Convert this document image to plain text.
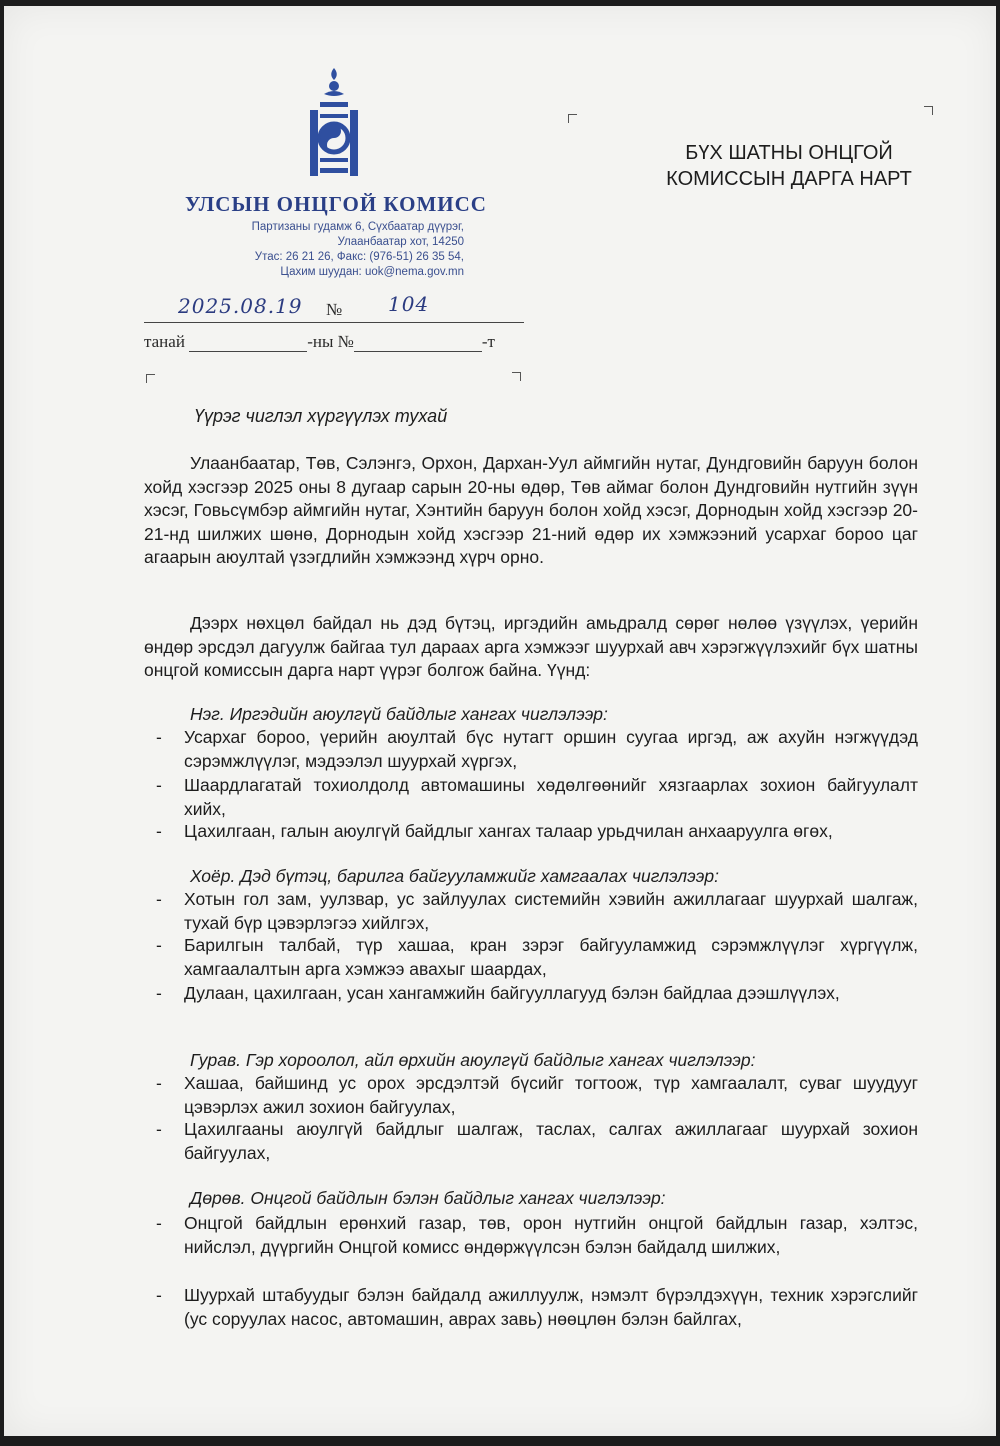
УЛСЫН ОНЦГОЙ КОМИСС
Партизаны гудамж 6, Сүхбаатар дүүрэг,
Улаанбаатар хот, 14250
Утас: 26 21 26, Факс: (976-51) 26 35 54,
Цахим шуудан: uok@nema.gov.mn
БҮХ ШАТНЫ ОНЦГОЙ
КОМИССЫН ДАРГА НАРТ
2025.08.19 № 104
танай	-ны №	-т
Үүрэг чиглэл хүргүүлэх тухай
Улаанбаатар, Төв, Сэлэнгэ, Орхон, Дархан-Уул аймгийн нутаг, Дундговийн баруун болон хойд хэсгээр 2025 оны 8 дугаар сарын 20-ны өдөр, Төв аймаг болон Дундговийн нутгийн зүүн хэсэг, Говьсүмбэр аймгийн нутаг, Хэнтийн баруун болон хойд хэсэг, Дорнодын хойд хэсгээр 20-21-нд шилжих шөнө, Дорнодын хойд хэсгээр 21-ний өдөр их хэмжээний усархаг бороо цаг агаарын аюултай үзэгдлийн хэмжээнд хүрч орно.
Дээрх нөхцөл байдал нь дэд бүтэц, иргэдийн амьдралд сөрөг нөлөө үзүүлэх, үерийн өндөр эрсдэл дагуулж байгаа тул дараах арга хэмжээг шуурхай авч хэрэгжүүлэхийг бүх шатны онцгой комиссын дарга нарт үүрэг болгож байна. Үүнд:
Нэг. Иргэдийн аюулгүй байдлыг хангах чиглэлээр:
- Усархаг бороо, үерийн аюултай бүс нутагт оршин суугаа иргэд, аж ахуйн нэгжүүдэд сэрэмжлүүлэг, мэдээлэл шуурхай хүргэх,
- Шаардлагатай тохиолдолд автомашины хөдөлгөөнийг хязгаарлах зохион байгуулалт хийх,
- Цахилгаан, галын аюулгүй байдлыг хангах талаар урьдчилан анхааруулга өгөх,
Хоёр. Дэд бүтэц, барилга байгууламжийг хамгаалах чиглэлээр:
- Хотын гол зам, уулзвар, ус зайлуулах системийн хэвийн ажиллагааг шуурхай шалгаж, тухай бүр цэвэрлэгээ хийлгэх,
- Барилгын талбай, түр хашаа, кран зэрэг байгууламжид сэрэмжлүүлэг хүргүүлж, хамгаалалтын арга хэмжээ авахыг шаардах,
- Дулаан, цахилгаан, усан хангамжийн байгууллагууд бэлэн байдлаа дээшлүүлэх,
Гурав. Гэр хороолол, айл өрхийн аюулгүй байдлыг хангах чиглэлээр:
- Хашаа, байшинд ус орох эрсдэлтэй бүсийг тогтоож, түр хамгаалалт, суваг шуудууг цэвэрлэх ажил зохион байгуулах,
- Цахилгааны аюулгүй байдлыг шалгаж, таслах, салгах ажиллагааг шуурхай зохион байгуулах,
Дөрөв. Онцгой байдлын бэлэн байдлыг хангах чиглэлээр:
- Онцгой байдлын ерөнхий газар, төв, орон нутгийн онцгой байдлын газар, хэлтэс, нийслэл, дүүргийн Онцгой комисс өндөржүүлсэн бэлэн байдалд шилжих,
- Шуурхай штабуудыг бэлэн байдалд ажиллуулж, нэмэлт бүрэлдэхүүн, техник хэрэгслийг (ус соруулах насос, автомашин, аврах завь) нөөцлөн бэлэн байлгах,
